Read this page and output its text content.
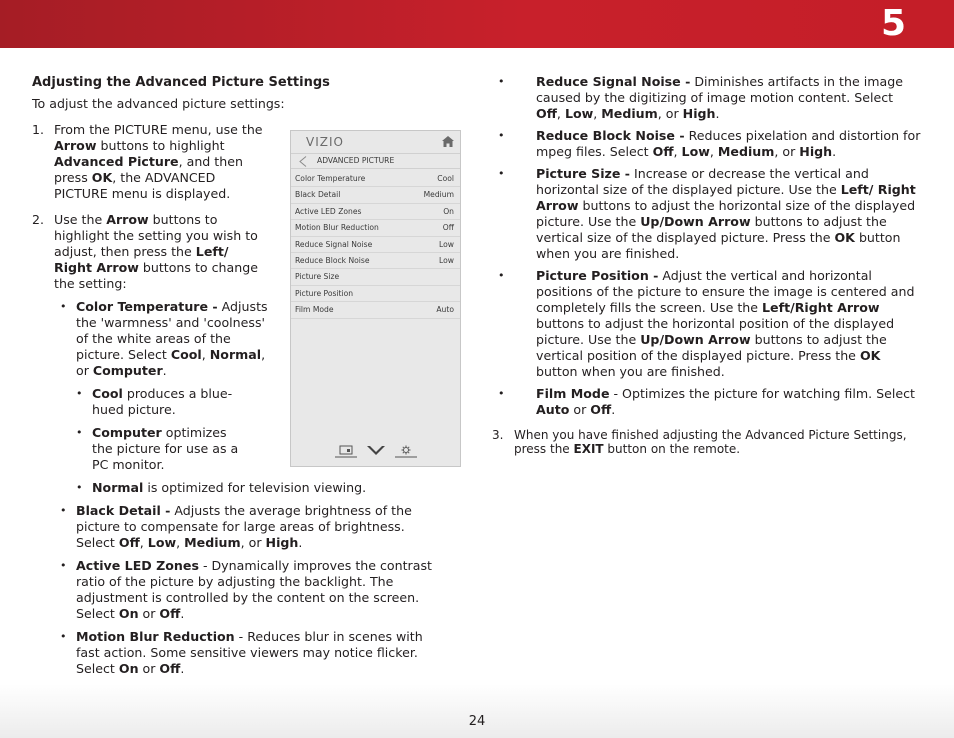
5
Adjusting the Advanced Picture Settings
To adjust the advanced picture settings:
1. From the PICTURE menu, use the Arrow buttons to highlight Advanced Picture, and then press OK, the ADVANCED PICTURE menu is displayed.
2. Use the Arrow buttons to highlight the setting you wish to adjust, then press the Left/ Right Arrow buttons to change the setting:
• Color Temperature - Adjusts the 'warmness' and 'coolness' of the white areas of the picture. Select Cool, Normal, or Computer.
• Cool produces a blue-hued picture.
• Computer optimizes the picture for use as a PC monitor.
• Normal is optimized for television viewing.
• Black Detail - Adjusts the average brightness of the picture to compensate for large areas of brightness. Select Off, Low, Medium, or High.
• Active LED Zones - Dynamically improves the contrast ratio of the picture by adjusting the backlight. The adjustment is controlled by the content on the screen. Select On or Off.
• Motion Blur Reduction - Reduces blur in scenes with fast action. Some sensitive viewers may notice flicker. Select On or Off.
VIZIO
ADVANCED PICTURE
Color Temperature	Cool
Black Detail	Medium
Active LED Zones	On
Motion Blur Reduction	Off
Reduce Signal Noise	Low
Reduce Block Noise	Low
Picture Size
Picture Position
Film Mode	Auto
• Reduce Signal Noise - Diminishes artifacts in the image caused by the digitizing of image motion content. Select Off, Low, Medium, or High.
• Reduce Block Noise - Reduces pixelation and distortion for mpeg files. Select Off, Low, Medium, or High.
• Picture Size - Increase or decrease the vertical and horizontal size of the displayed picture. Use the Left/ Right Arrow buttons to adjust the horizontal size of the displayed picture. Use the Up/Down Arrow buttons to adjust the vertical size of the displayed picture. Press the OK button when you are finished.
• Picture Position - Adjust the vertical and horizontal positions of the picture to ensure the image is centered and completely fills the screen. Use the Left/Right Arrow buttons to adjust the horizontal position of the displayed picture. Use the Up/Down Arrow buttons to adjust the vertical position of the displayed picture. Press the OK button when you are finished.
• Film Mode - Optimizes the picture for watching film. Select Auto or Off.
3. When you have finished adjusting the Advanced Picture Settings, press the EXIT button on the remote.
24
